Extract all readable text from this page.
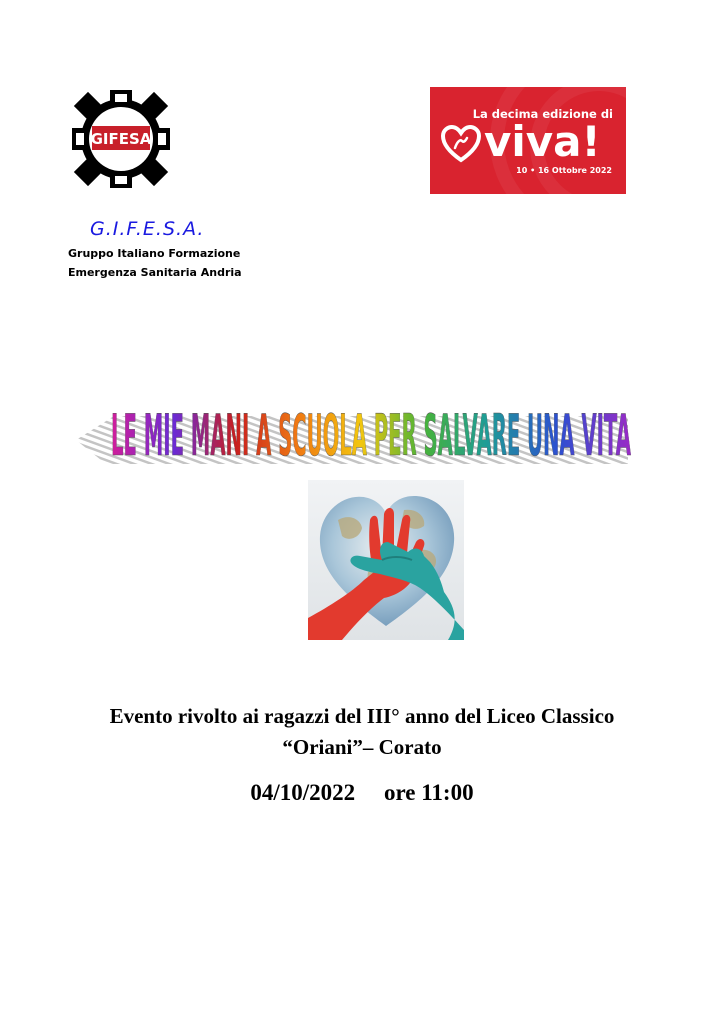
GIFESA
G.I.F.E.S.A.
Gruppo Italiano Formazione
Emergenza Sanitaria Andria
La decima edizione di
viva!
10 • 16 Ottobre 2022
LE MIE MANI A SCUOLA PER SALVARE UNA VITA
Evento rivolto ai ragazzi del III° anno del Liceo Classico
“Oriani”– Corato
04/10/2022 ore 11:00
